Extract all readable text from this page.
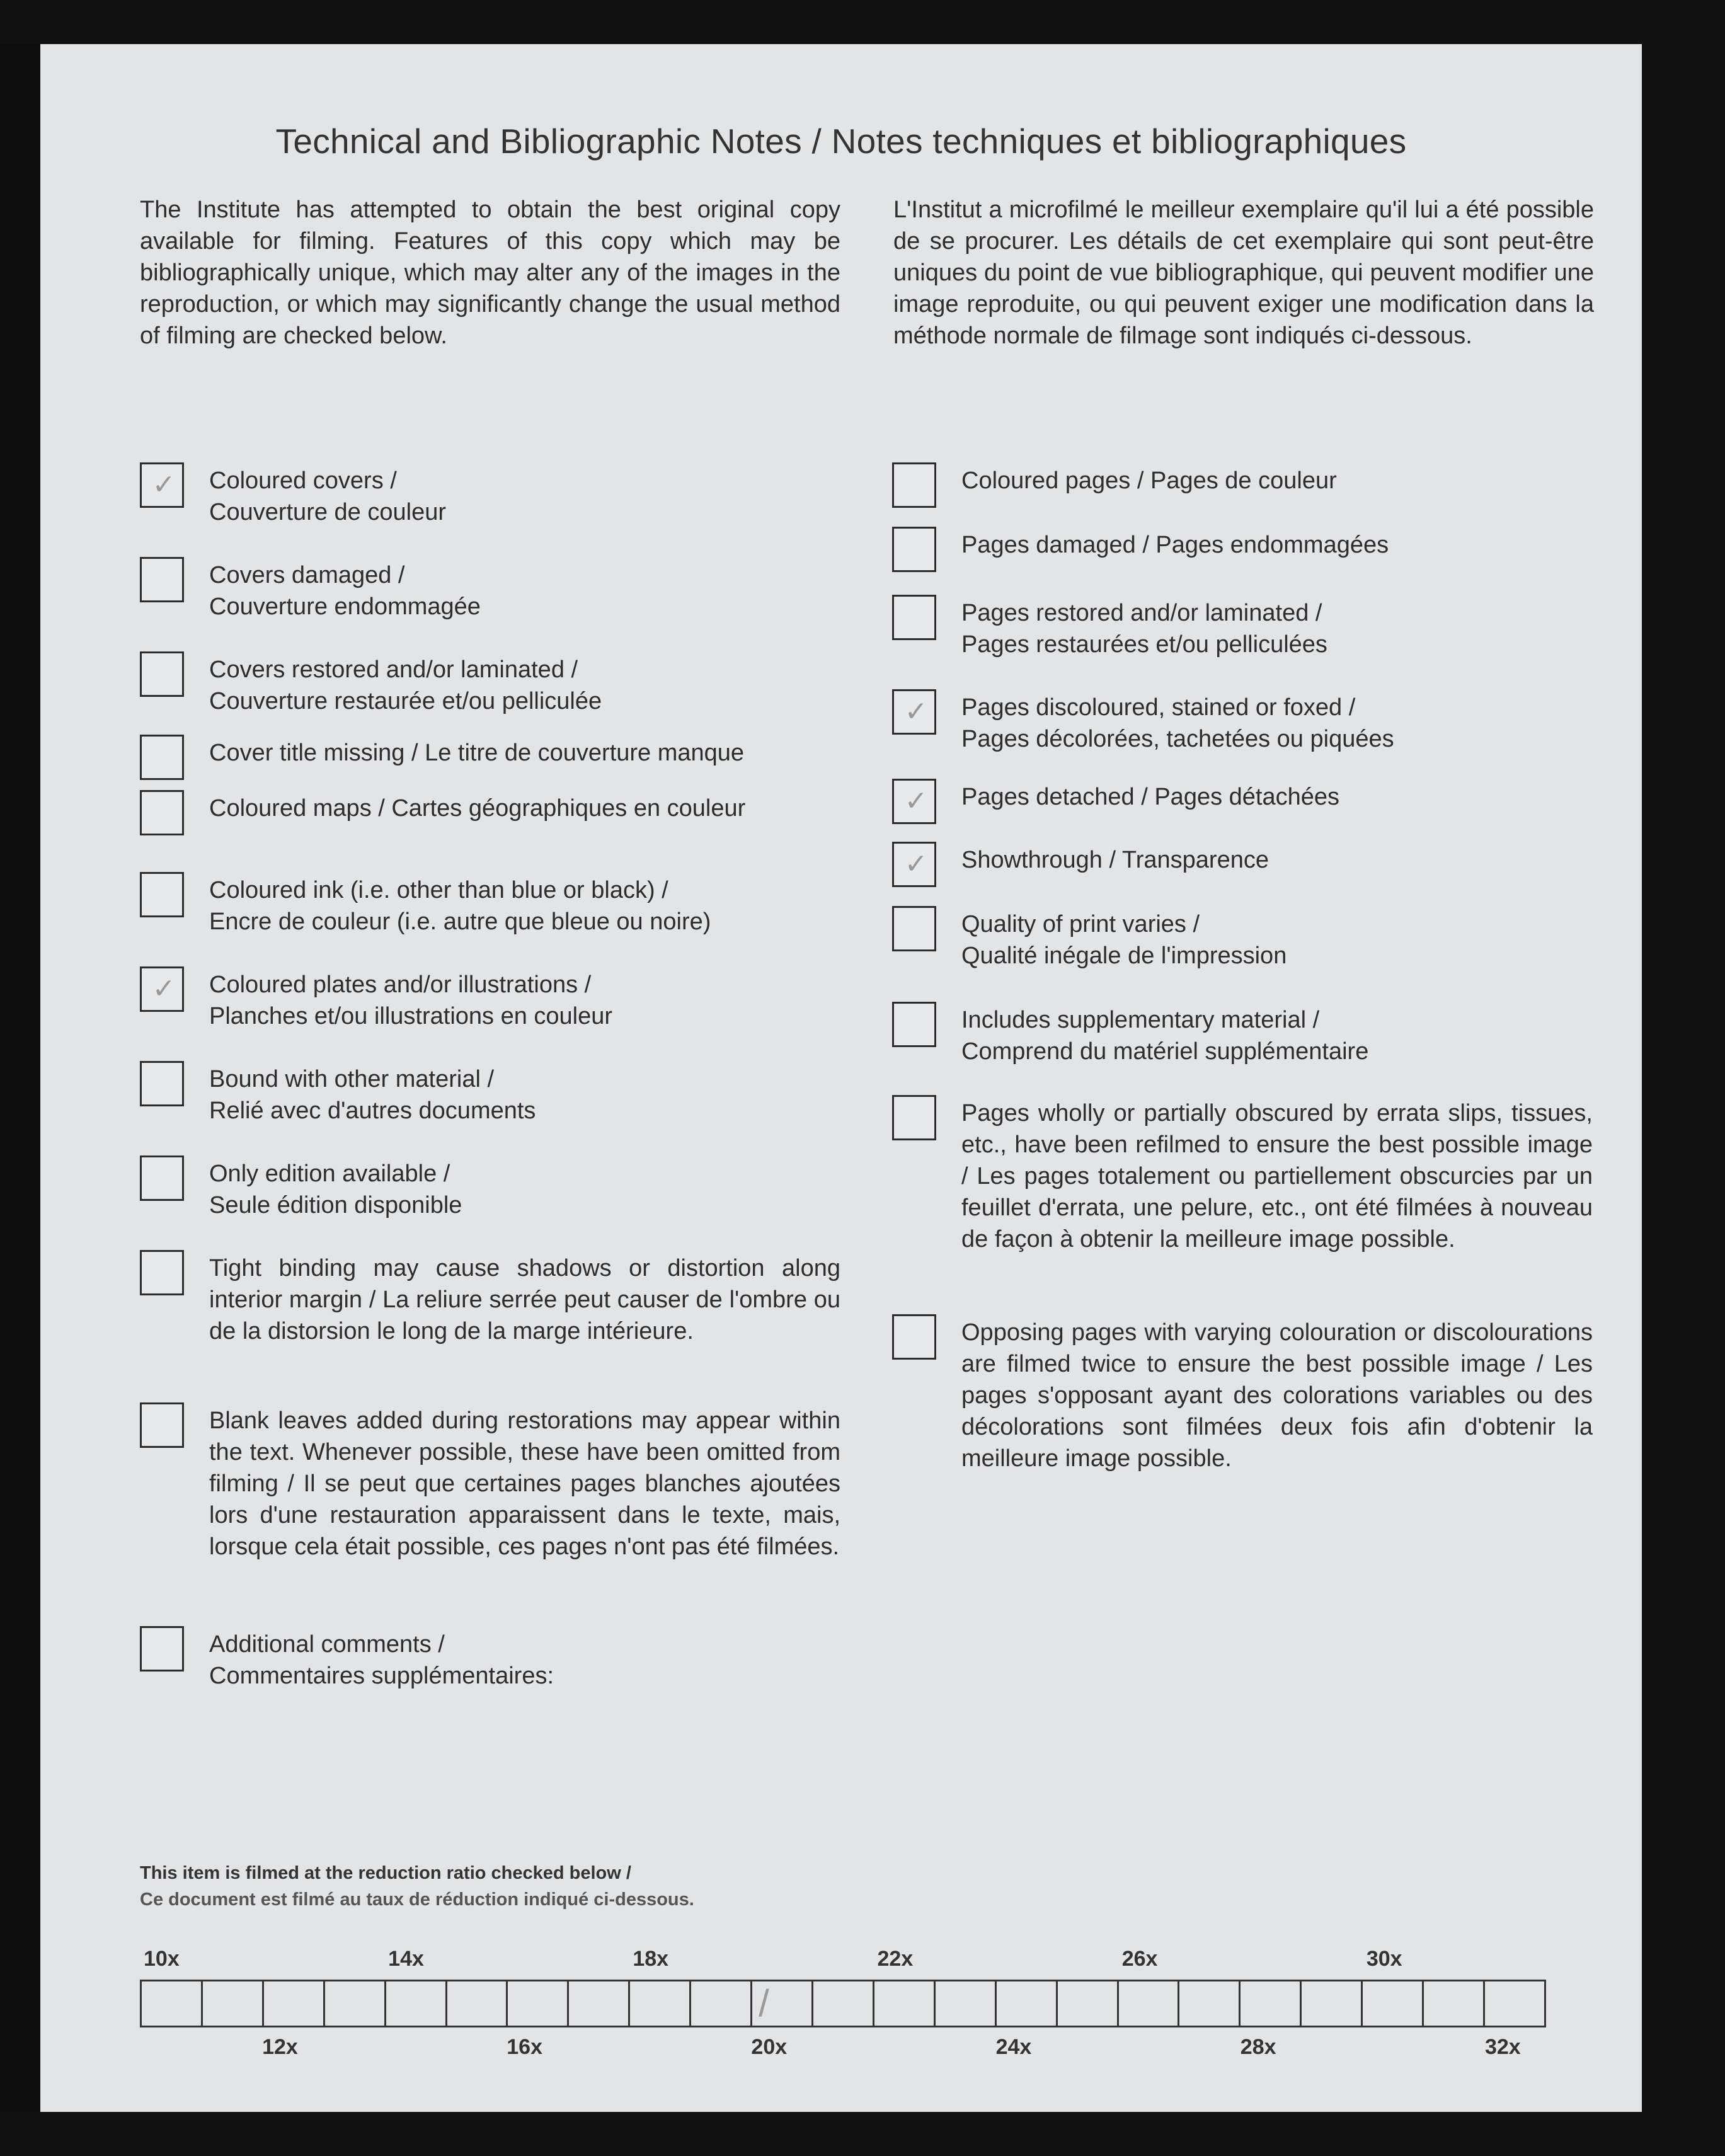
Technical and Bibliographic Notes / Notes techniques et bibliographiques
The Institute has attempted to obtain the best original copy available for filming. Features of this copy which may be bibliographically unique, which may alter any of the images in the reproduction, or which may significantly change the usual method of filming are checked below.
L'Institut a microfilmé le meilleur exemplaire qu'il lui a été possible de se procurer. Les détails de cet exemplaire qui sont peut-être uniques du point de vue bibliographique, qui peuvent modifier une image reproduite, ou qui peuvent exiger une modification dans la méthode normale de filmage sont indiqués ci-dessous.
✓ Coloured covers /
Couverture de couleur
Covers damaged /
Couverture endommagée
Covers restored and/or laminated /
Couverture restaurée et/ou pelliculée
Cover title missing / Le titre de couverture manque
Coloured maps / Cartes géographiques en couleur
Coloured ink (i.e. other than blue or black) /
Encre de couleur (i.e. autre que bleue ou noire)
✓ Coloured plates and/or illustrations /
Planches et/ou illustrations en couleur
Bound with other material /
Relié avec d'autres documents
Only edition available /
Seule édition disponible
Tight binding may cause shadows or distortion along interior margin / La reliure serrée peut causer de l'ombre ou de la distorsion le long de la marge intérieure.
Blank leaves added during restorations may appear within the text. Whenever possible, these have been omitted from filming / Il se peut que certaines pages blanches ajoutées lors d'une restauration apparaissent dans le texte, mais, lorsque cela était possible, ces pages n'ont pas été filmées.
Additional comments /
Commentaires supplémentaires:
Coloured pages / Pages de couleur
Pages damaged / Pages endommagées
Pages restored and/or laminated /
Pages restaurées et/ou pelliculées
✓ Pages discoloured, stained or foxed /
Pages décolorées, tachetées ou piquées
✓ Pages detached / Pages détachées
✓ Showthrough / Transparence
Quality of print varies /
Qualité inégale de l'impression
Includes supplementary material /
Comprend du matériel supplémentaire
Pages wholly or partially obscured by errata slips, tissues, etc., have been refilmed to ensure the best possible image / Les pages totalement ou partiellement obscurcies par un feuillet d'errata, une pelure, etc., ont été filmées à nouveau de façon à obtenir la meilleure image possible.
Opposing pages with varying colouration or discolourations are filmed twice to ensure the best possible image / Les pages s'opposant ayant des colorations variables ou des décolorations sont filmées deux fois afin d'obtenir la meilleure image possible.
This item is filmed at the reduction ratio checked below /
Ce document est filmé au taux de réduction indiqué ci-dessous.
10x	14x	18x	22x	26x	30x
/
12x	16x	20x	24x	28x	32x
